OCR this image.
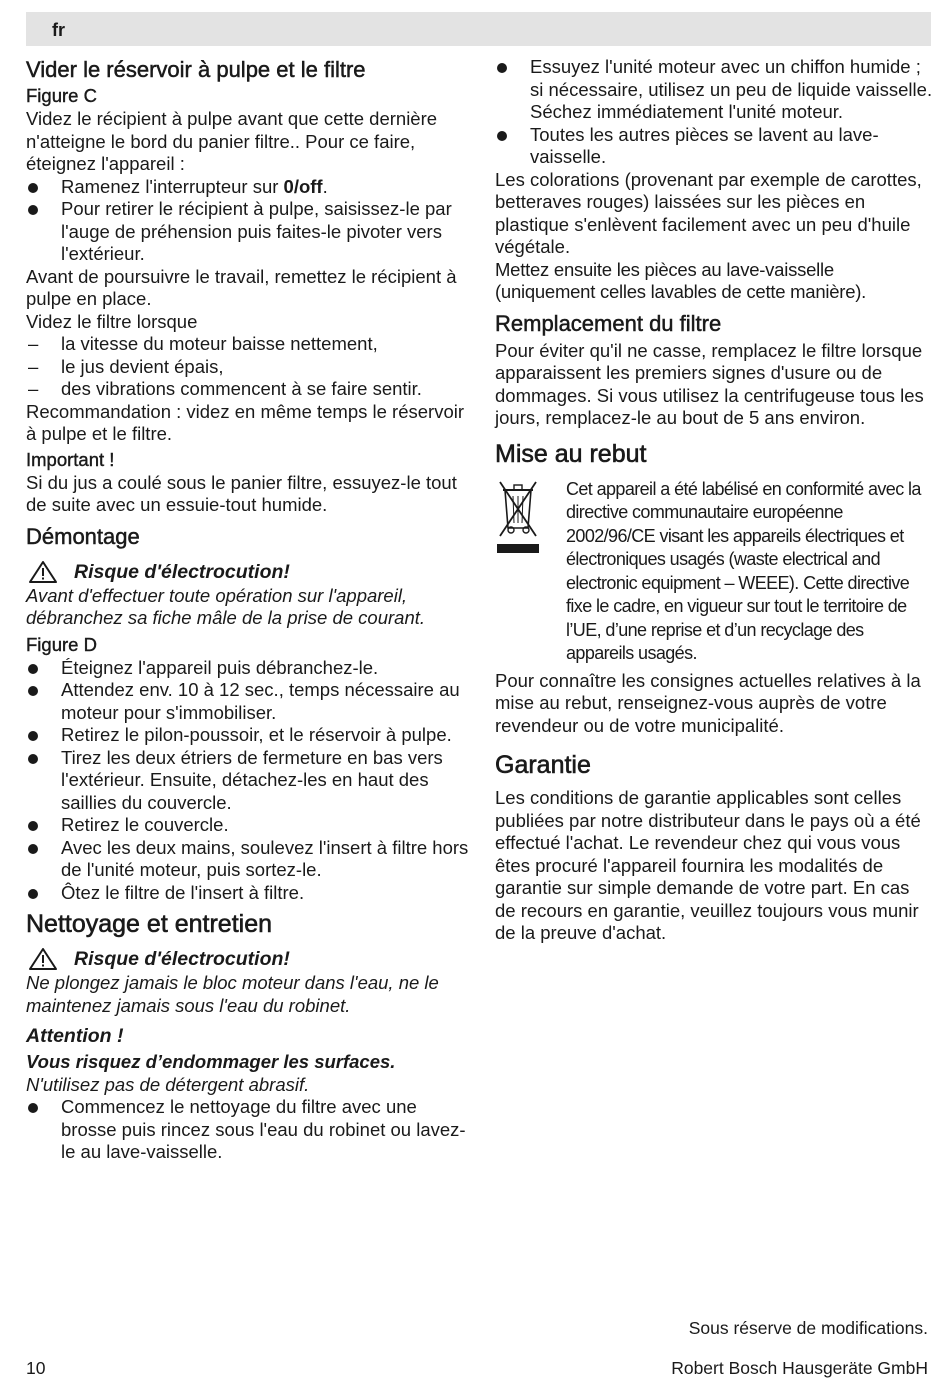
fr

Vider le réservoir à pulpe et le filtre

Figure C

Videz le récipient à pulpe avant que cette dernière n'atteigne le bord du panier filtre.. Pour ce faire, éteignez l'appareil :

Ramenez l'interrupteur sur 0/off.
Pour retirer le récipient à pulpe, saisissez-le par l'auge de préhension puis faites-le pivoter vers l'extérieur.

Avant de poursuivre le travail, remettez le récipient à pulpe en place.

Videz le filtre lorsque

– la vitesse du moteur baisse nettement,
– le jus devient épais,
– des vibrations commencent à se faire sentir.

Recommandation : videz en même temps le réservoir à pulpe et le filtre.

Important !

Si du jus a coulé sous le panier filtre, essuyez-le tout de suite avec un essuie-tout humide.

Démontage

Risque d'électrocution!

Avant d'effectuer toute opération sur l'appareil, débranchez sa fiche mâle de la prise de courant.

Figure D

Éteignez l'appareil puis débranchez-le.
Attendez env. 10 à 12 sec., temps nécessaire au moteur pour s'immobiliser.
Retirez le pilon-poussoir, et le réservoir à pulpe.
Tirez les deux étriers de fermeture en bas vers l'extérieur. Ensuite, détachez-les en haut des saillies du couvercle.
Retirez le couvercle.
Avec les deux mains, soulevez l'insert à filtre hors de l'unité moteur, puis sortez-le.
Ôtez le filtre de l'insert à filtre.

Nettoyage et entretien

Risque d'électrocution!

Ne plongez jamais le bloc moteur dans l'eau, ne le maintenez jamais sous l'eau du robinet.

Attention !

Vous risquez d’endommager les surfaces.

N'utilisez pas de détergent abrasif.

Commencez le nettoyage du filtre avec une brosse puis rincez sous l'eau du robinet ou lavez-le au lave-vaisselle.
Essuyez l'unité moteur avec un chiffon humide ; si nécessaire, utilisez un peu de liquide vaisselle.
Séchez immédiatement l'unité moteur.
Toutes les autres pièces se lavent au lave-vaisselle.

Les colorations (provenant par exemple de carottes, betteraves rouges) laissées sur les pièces en plastique s'enlèvent facilement avec un peu d'huile végétale.

Mettez ensuite les pièces au lave-vaisselle (uniquement celles lavables de cette manière).

Remplacement du filtre

Pour éviter qu'il ne casse, remplacez le filtre lorsque apparaissent les premiers signes d'usure ou de dommages. Si vous utilisez la centrifugeuse tous les jours, remplacez-le au bout de 5 ans environ.

Mise au rebut

Cet appareil a été labélisé en conformité avec la directive communautaire européenne 2002/96/CE visant les appareils électriques et électroniques usagés (waste electrical and electronic equipment – WEEE). Cette directive fixe le cadre, en vigueur sur tout le territoire de l’UE, d’une reprise et d’un recyclage des appareils usagés.

Pour connaître les consignes actuelles relatives à la mise au rebut, renseignez-vous auprès de votre revendeur ou de votre municipalité.

Garantie

Les conditions de garantie applicables sont celles publiées par notre distributeur dans le pays où a été effectué l'achat. Le revendeur chez qui vous vous êtes procuré l'appareil fournira les modalités de garantie sur simple demande de votre part. En cas de recours en garantie, veuillez toujours vous munir de la preuve d'achat.

Sous réserve de modifications.
10	Robert Bosch Hausgeräte GmbH
